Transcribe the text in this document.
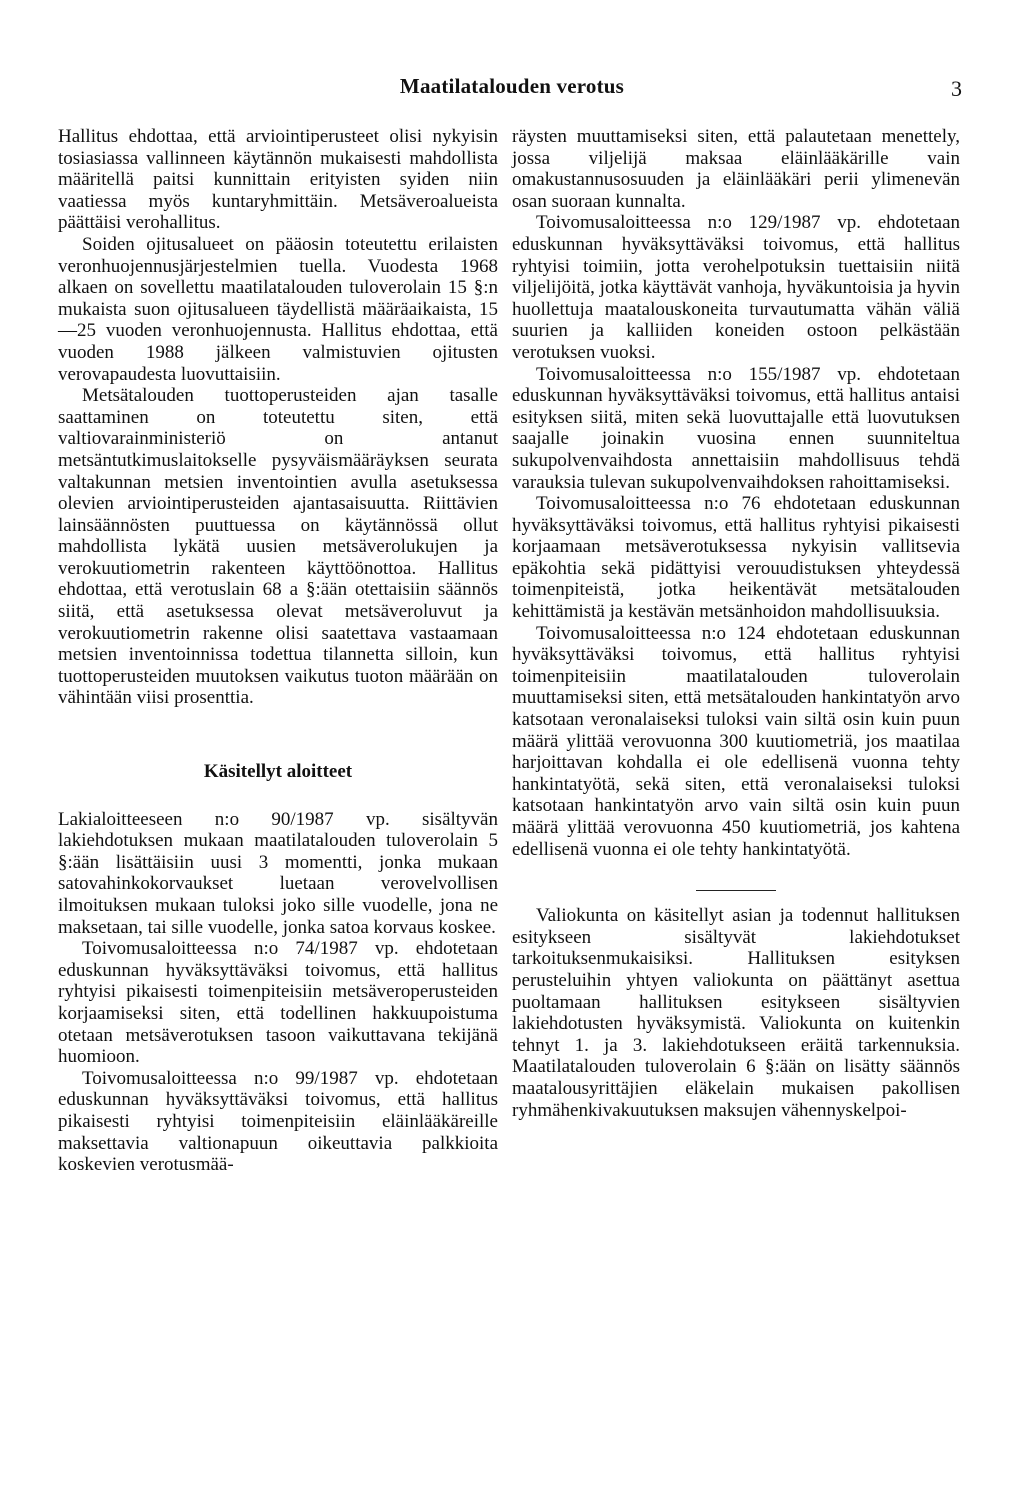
Maatilatalouden verotus	3

Hallitus ehdottaa, että arviointiperusteet olisi nykyisin tosiasiassa vallinneen käytännön mukaisesti mahdollista määritellä paitsi kunnittain erityisten syiden niin vaatiessa myös kuntaryhmittäin. Metsäveroalueista päättäisi verohallitus.

Soiden ojitusalueet on pääosin toteutettu erilaisten veronhuojennusjärjestelmien tuella. Vuodesta 1968 alkaen on sovellettu maatilatalouden tuloverolain 15 §:n mukaista suon ojitusalueen täydellistä määräaikaista, 15—25 vuoden veronhuojennusta. Hallitus ehdottaa, että vuoden 1988 jälkeen valmistuvien ojitusten verovapaudesta luovuttaisiin.

Metsätalouden tuottoperusteiden ajan tasalle saattaminen on toteutettu siten, että valtiovarainministeriö on antanut metsäntutkimuslaitokselle pysyväismääräyksen seurata valtakunnan metsien inventointien avulla asetuksessa olevien arviointiperusteiden ajantasaisuutta. Riittävien lainsäännösten puuttuessa on käytännössä ollut mahdollista lykätä uusien metsäverolukujen ja verokuutiometrin rakenteen käyttöönottoa. Hallitus ehdottaa, että verotuslain 68 a §:ään otettaisiin säännös siitä, että asetuksessa olevat metsäveroluvut ja verokuutiometrin rakenne olisi saatettava vastaamaan metsien inventoinnissa todettua tilannetta silloin, kun tuottoperusteiden muutoksen vaikutus tuoton määrään on vähintään viisi prosenttia.

Käsitellyt aloitteet

Lakialoitteeseen n:o 90/1987 vp. sisältyvän lakiehdotuksen mukaan maatilatalouden tuloverolain 5 §:ään lisättäisiin uusi 3 momentti, jonka mukaan satovahinkokorvaukset luetaan verovelvollisen ilmoituksen mukaan tuloksi joko sille vuodelle, jona ne maksetaan, tai sille vuodelle, jonka satoa korvaus koskee.

Toivomusaloitteessa n:o 74/1987 vp. ehdotetaan eduskunnan hyväksyttäväksi toivomus, että hallitus ryhtyisi pikaisesti toimenpiteisiin metsäveroperusteiden korjaamiseksi siten, että todellinen hakkuupoistuma otetaan metsäverotuksen tasoon vaikuttavana tekijänä huomioon.

Toivomusaloitteessa n:o 99/1987 vp. ehdotetaan eduskunnan hyväksyttäväksi toivomus, että hallitus pikaisesti ryhtyisi toimenpiteisiin eläinlääkäreille maksettavia valtionapuun oikeuttavia palkkioita koskevien verotusmää-

räysten muuttamiseksi siten, että palautetaan menettely, jossa viljelijä maksaa eläinlääkärille vain omakustannusosuuden ja eläinlääkäri perii ylimenevän osan suoraan kunnalta.

Toivomusaloitteessa n:o 129/1987 vp. ehdotetaan eduskunnan hyväksyttäväksi toivomus, että hallitus ryhtyisi toimiin, jotta verohelpotuksin tuettaisiin niitä viljelijöitä, jotka käyttävät vanhoja, hyväkuntoisia ja hyvin huollettuja maatalouskoneita turvautumatta vähän väliä suurien ja kalliiden koneiden ostoon pelkästään verotuksen vuoksi.

Toivomusaloitteessa n:o 155/1987 vp. ehdotetaan eduskunnan hyväksyttäväksi toivomus, että hallitus antaisi esityksen siitä, miten sekä luovuttajalle että luovutuksen saajalle joinakin vuosina ennen suunniteltua sukupolvenvaihdosta annettaisiin mahdollisuus tehdä varauksia tulevan sukupolvenvaihdoksen rahoittamiseksi.

Toivomusaloitteessa n:o 76 ehdotetaan eduskunnan hyväksyttäväksi toivomus, että hallitus ryhtyisi pikaisesti korjaamaan metsäverotuksessa nykyisin vallitsevia epäkohtia sekä pidättyisi verouudistuksen yhteydessä toimenpiteistä, jotka heikentävät metsätalouden kehittämistä ja kestävän metsänhoidon mahdollisuuksia.

Toivomusaloitteessa n:o 124 ehdotetaan eduskunnan hyväksyttäväksi toivomus, että hallitus ryhtyisi toimenpiteisiin maatilatalouden tuloverolain muuttamiseksi siten, että metsätalouden hankintatyön arvo katsotaan veronalaiseksi tuloksi vain siltä osin kuin puun määrä ylittää verovuonna 300 kuutiometriä, jos maatilaa harjoittavan kohdalla ei ole edellisenä vuonna tehty hankintatyötä, sekä siten, että veronalaiseksi tuloksi katsotaan hankintatyön arvo vain siltä osin kuin puun määrä ylittää verovuonna 450 kuutiometriä, jos kahtena edellisenä vuonna ei ole tehty hankintatyötä.

Valiokunta on käsitellyt asian ja todennut hallituksen esitykseen sisältyvät lakiehdotukset tarkoituksenmukaisiksi. Hallituksen esityksen perusteluihin yhtyen valiokunta on päättänyt asettua puoltamaan hallituksen esitykseen sisältyvien lakiehdotusten hyväksymistä. Valiokunta on kuitenkin tehnyt 1. ja 3. lakiehdotukseen eräitä tarkennuksia. Maatilatalouden tuloverolain 6 §:ään on lisätty säännös maatalousyrittäjien eläkelain mukaisen pakollisen ryhmähenkivakuutuksen maksujen vähennyskelpoi-
